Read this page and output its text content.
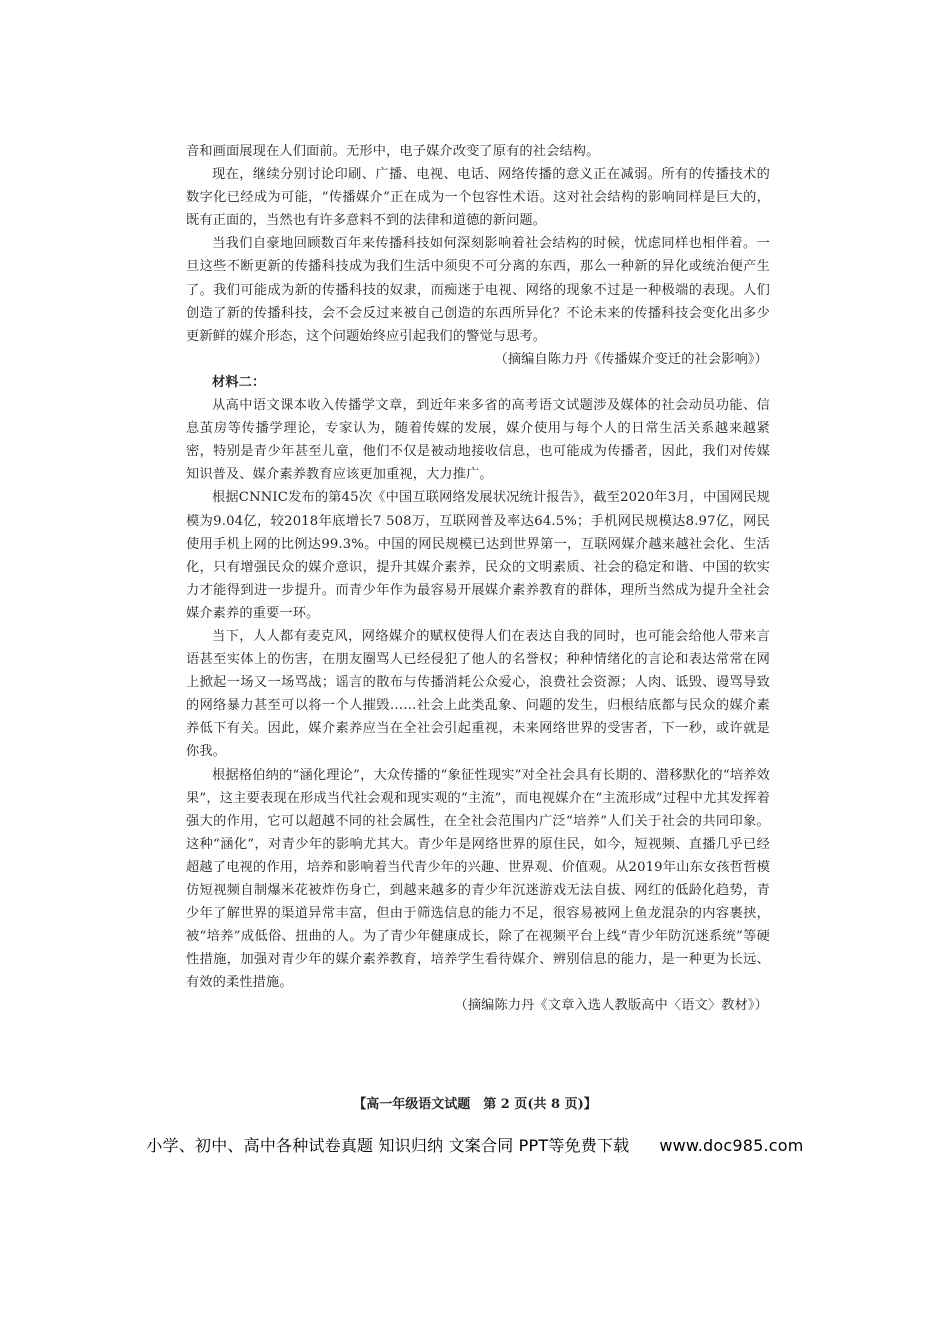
音和画面展现在人们面前。无形中，电子媒介改变了原有的社会结构。

现在，继续分别讨论印刷、广播、电视、电话、网络传播的意义正在减弱。所有的传播技术的数字化已经成为可能，“传播媒介”正在成为一个包容性术语。这对社会结构的影响同样是巨大的，既有正面的，当然也有许多意料不到的法律和道德的新问题。

当我们自豪地回顾数百年来传播科技如何深刻影响着社会结构的时候，忧虑同样也相伴着。一旦这些不断更新的传播科技成为我们生活中须臾不可分离的东西，那么一种新的异化或统治便产生了。我们可能成为新的传播科技的奴隶，而痴迷于电视、网络的现象不过是一种极端的表现。人们创造了新的传播科技，会不会反过来被自己创造的东西所异化？不论未来的传播科技会变化出多少更新鲜的媒介形态，这个问题始终应引起我们的警觉与思考。

（摘编自陈力丹《传播媒介变迁的社会影响》）

材料二：

从高中语文课本收入传播学文章，到近年来多省的高考语文试题涉及媒体的社会动员功能、信息茧房等传播学理论，专家认为，随着传媒的发展，媒介使用与每个人的日常生活关系越来越紧密，特别是青少年甚至儿童，他们不仅是被动地接收信息，也可能成为传播者，因此，我们对传媒知识普及、媒介素养教育应该更加重视，大力推广。

根据CNNIC发布的第45次《中国互联网络发展状况统计报告》，截至2020年3月，中国网民规模为9.04亿，较2018年底增长7 508万，互联网普及率达64.5%；手机网民规模达8.97亿，网民使用手机上网的比例达99.3%。中国的网民规模已达到世界第一，互联网媒介越来越社会化、生活化，只有增强民众的媒介意识，提升其媒介素养，民众的文明素质、社会的稳定和谐、中国的软实力才能得到进一步提升。而青少年作为最容易开展媒介素养教育的群体，理所当然成为提升全社会媒介素养的重要一环。

当下，人人都有麦克风，网络媒介的赋权使得人们在表达自我的同时，也可能会给他人带来言语甚至实体上的伤害，在朋友圈骂人已经侵犯了他人的名誉权；种种情绪化的言论和表达常常在网上掀起一场又一场骂战；谣言的散布与传播消耗公众爱心，浪费社会资源；人肉、诋毁、谩骂导致的网络暴力甚至可以将一个人摧毁……社会上此类乱象、问题的发生，归根结底都与民众的媒介素养低下有关。因此，媒介素养应当在全社会引起重视，未来网络世界的受害者，下一秒，或许就是你我。

根据格伯纳的“涵化理论”，大众传播的“象征性现实”对全社会具有长期的、潜移默化的“培养效果”，这主要表现在形成当代社会观和现实观的“主流”，而电视媒介在“主流形成”过程中尤其发挥着强大的作用，它可以超越不同的社会属性，在全社会范围内广泛“培养”人们关于社会的共同印象。这种“涵化”，对青少年的影响尤其大。青少年是网络世界的原住民，如今，短视频、直播几乎已经超越了电视的作用，培养和影响着当代青少年的兴趣、世界观、价值观。从2019年山东女孩哲哲模仿短视频自制爆米花被炸伤身亡，到越来越多的青少年沉迷游戏无法自拔、网红的低龄化趋势，青少年了解世界的渠道异常丰富，但由于筛选信息的能力不足，很容易被网上鱼龙混杂的内容裹挟，被“培养”成低俗、扭曲的人。为了青少年健康成长，除了在视频平台上线“青少年防沉迷系统”等硬性措施，加强对青少年的媒介素养教育，培养学生看待媒介、辨别信息的能力，是一种更为长远、有效的柔性措施。

（摘编陈力丹《文章入选人教版高中〈语文〉教材》）

【高一年级语文试题　第 2 页(共 8 页)】
小学、初中、高中各种试卷真题 知识归纳 文案合同 PPT等免费下载 www.doc985.com
